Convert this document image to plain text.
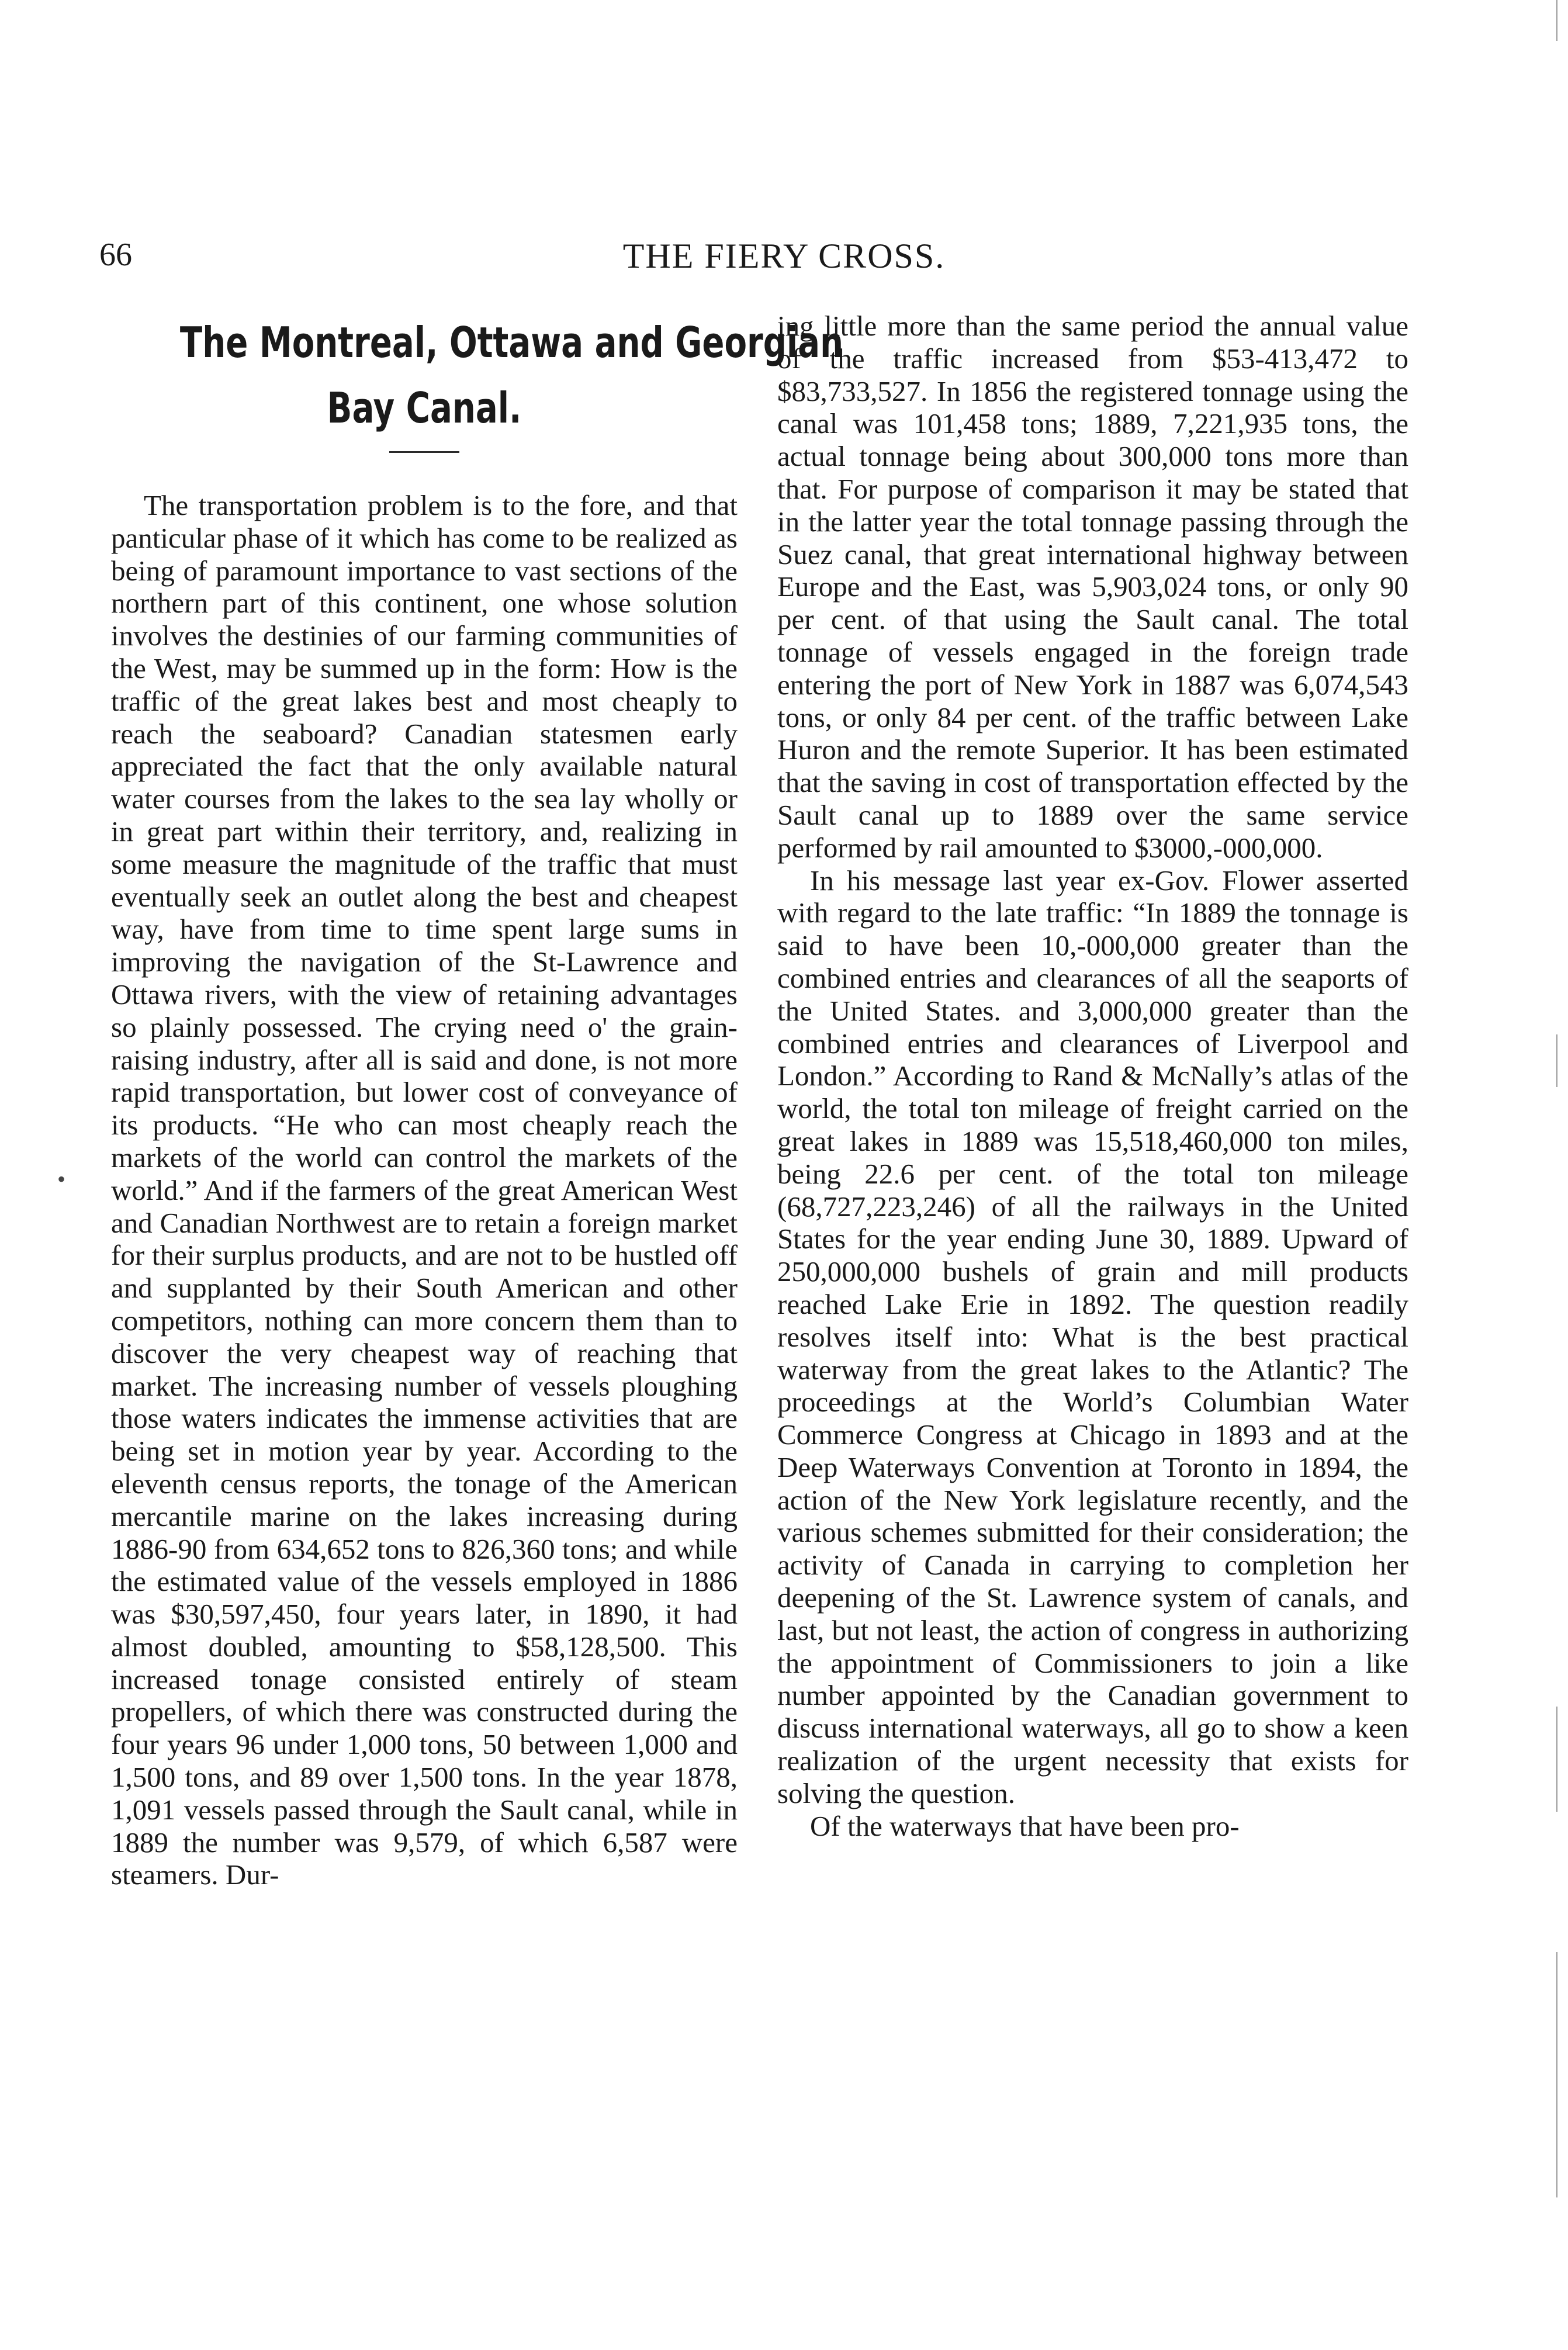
66	THE FIERY CROSS.
The Montreal, Ottawa and Georgian
Bay Canal.

The transportation problem is to the fore, and that panticular phase of it which has come to be realized as being of paramount importance to vast sections of the northern part of this continent, one whose solution involves the destinies of our farming communities of the West, may be summed up in the form: How is the traffic of the great lakes best and most cheaply to reach the seaboard? Canadian statesmen early appreciated the fact that the only available natural water courses from the lakes to the sea lay wholly or in great part within their territory, and, realizing in some measure the magnitude of the traffic that must eventually seek an outlet along the best and cheapest way, have from time to time spent large sums in improving the navigation of the St-Lawrence and Ottawa rivers, with the view of retaining advantages so plainly possessed. The crying need o' the grain-raising industry, after all is said and done, is not more rapid transportation, but lower cost of conveyance of its products. “He who can most cheaply reach the markets of the world can control the markets of the world.” And if the farmers of the great American West and Canadian Northwest are to retain a foreign market for their surplus products, and are not to be hustled off and supplanted by their South American and other competitors, nothing can more concern them than to discover the very cheapest way of reaching that market. The increasing number of vessels ploughing those waters indicates the immense activities that are being set in motion year by year. According to the eleventh census reports, the tonage of the American mercantile marine on the lakes increasing during 1886-90 from 634,652 tons to 826,360 tons; and while the estimated value of the vessels employed in 1886 was $30,597,450, four years later, in 1890, it had almost doubled, amounting to $58,128,500. This increased tonage consisted entirely of steam propellers, of which there was constructed during the four years 96 under 1,000 tons, 50 between 1,000 and 1,500 tons, and 89 over 1,500 tons. In the year 1878, 1,091 vessels passed through the Sault canal, while in 1889 the number was 9,579, of which 6,587 were steamers. Dur-

ing little more than the same period the annual value of the traffic increased from $53-413,472 to $83,733,527. In 1856 the registered tonnage using the canal was 101,458 tons; 1889, 7,221,935 tons, the actual tonnage being about 300,000 tons more than that. For purpose of comparison it may be stated that in the latter year the total tonnage passing through the Suez canal, that great international highway between Europe and the East, was 5,903,024 tons, or only 90 per cent. of that using the Sault canal. The total tonnage of vessels engaged in the foreign trade entering the port of New York in 1887 was 6,074,543 tons, or only 84 per cent. of the traffic between Lake Huron and the remote Superior. It has been estimated that the saving in cost of transportation effected by the Sault canal up to 1889 over the same service performed by rail amounted to $3000,-000,000.

In his message last year ex-Gov. Flower asserted with regard to the late traffic: “In 1889 the tonnage is said to have been 10,-000,000 greater than the combined entries and clearances of all the seaports of the United States. and 3,000,000 greater than the combined entries and clearances of Liverpool and London.” According to Rand & McNally’s atlas of the world, the total ton mileage of freight carried on the great lakes in 1889 was 15,518,460,000 ton miles, being 22.6 per cent. of the total ton mileage (68,727,223,246) of all the railways in the United States for the year ending June 30, 1889. Upward of 250,000,000 bushels of grain and mill products reached Lake Erie in 1892. The question readily resolves itself into: What is the best practical waterway from the great lakes to the Atlantic? The proceedings at the World’s Columbian Water Commerce Congress at Chicago in 1893 and at the Deep Waterways Convention at Toronto in 1894, the action of the New York legislature recently, and the various schemes submitted for their consideration; the activity of Canada in carrying to completion her deepening of the St. Lawrence system of canals, and last, but not least, the action of congress in authorizing the appointment of Commissioners to join a like number appointed by the Canadian government to discuss international waterways, all go to show a keen realization of the urgent necessity that exists for solving the question.

Of the waterways that have been pro-

•
